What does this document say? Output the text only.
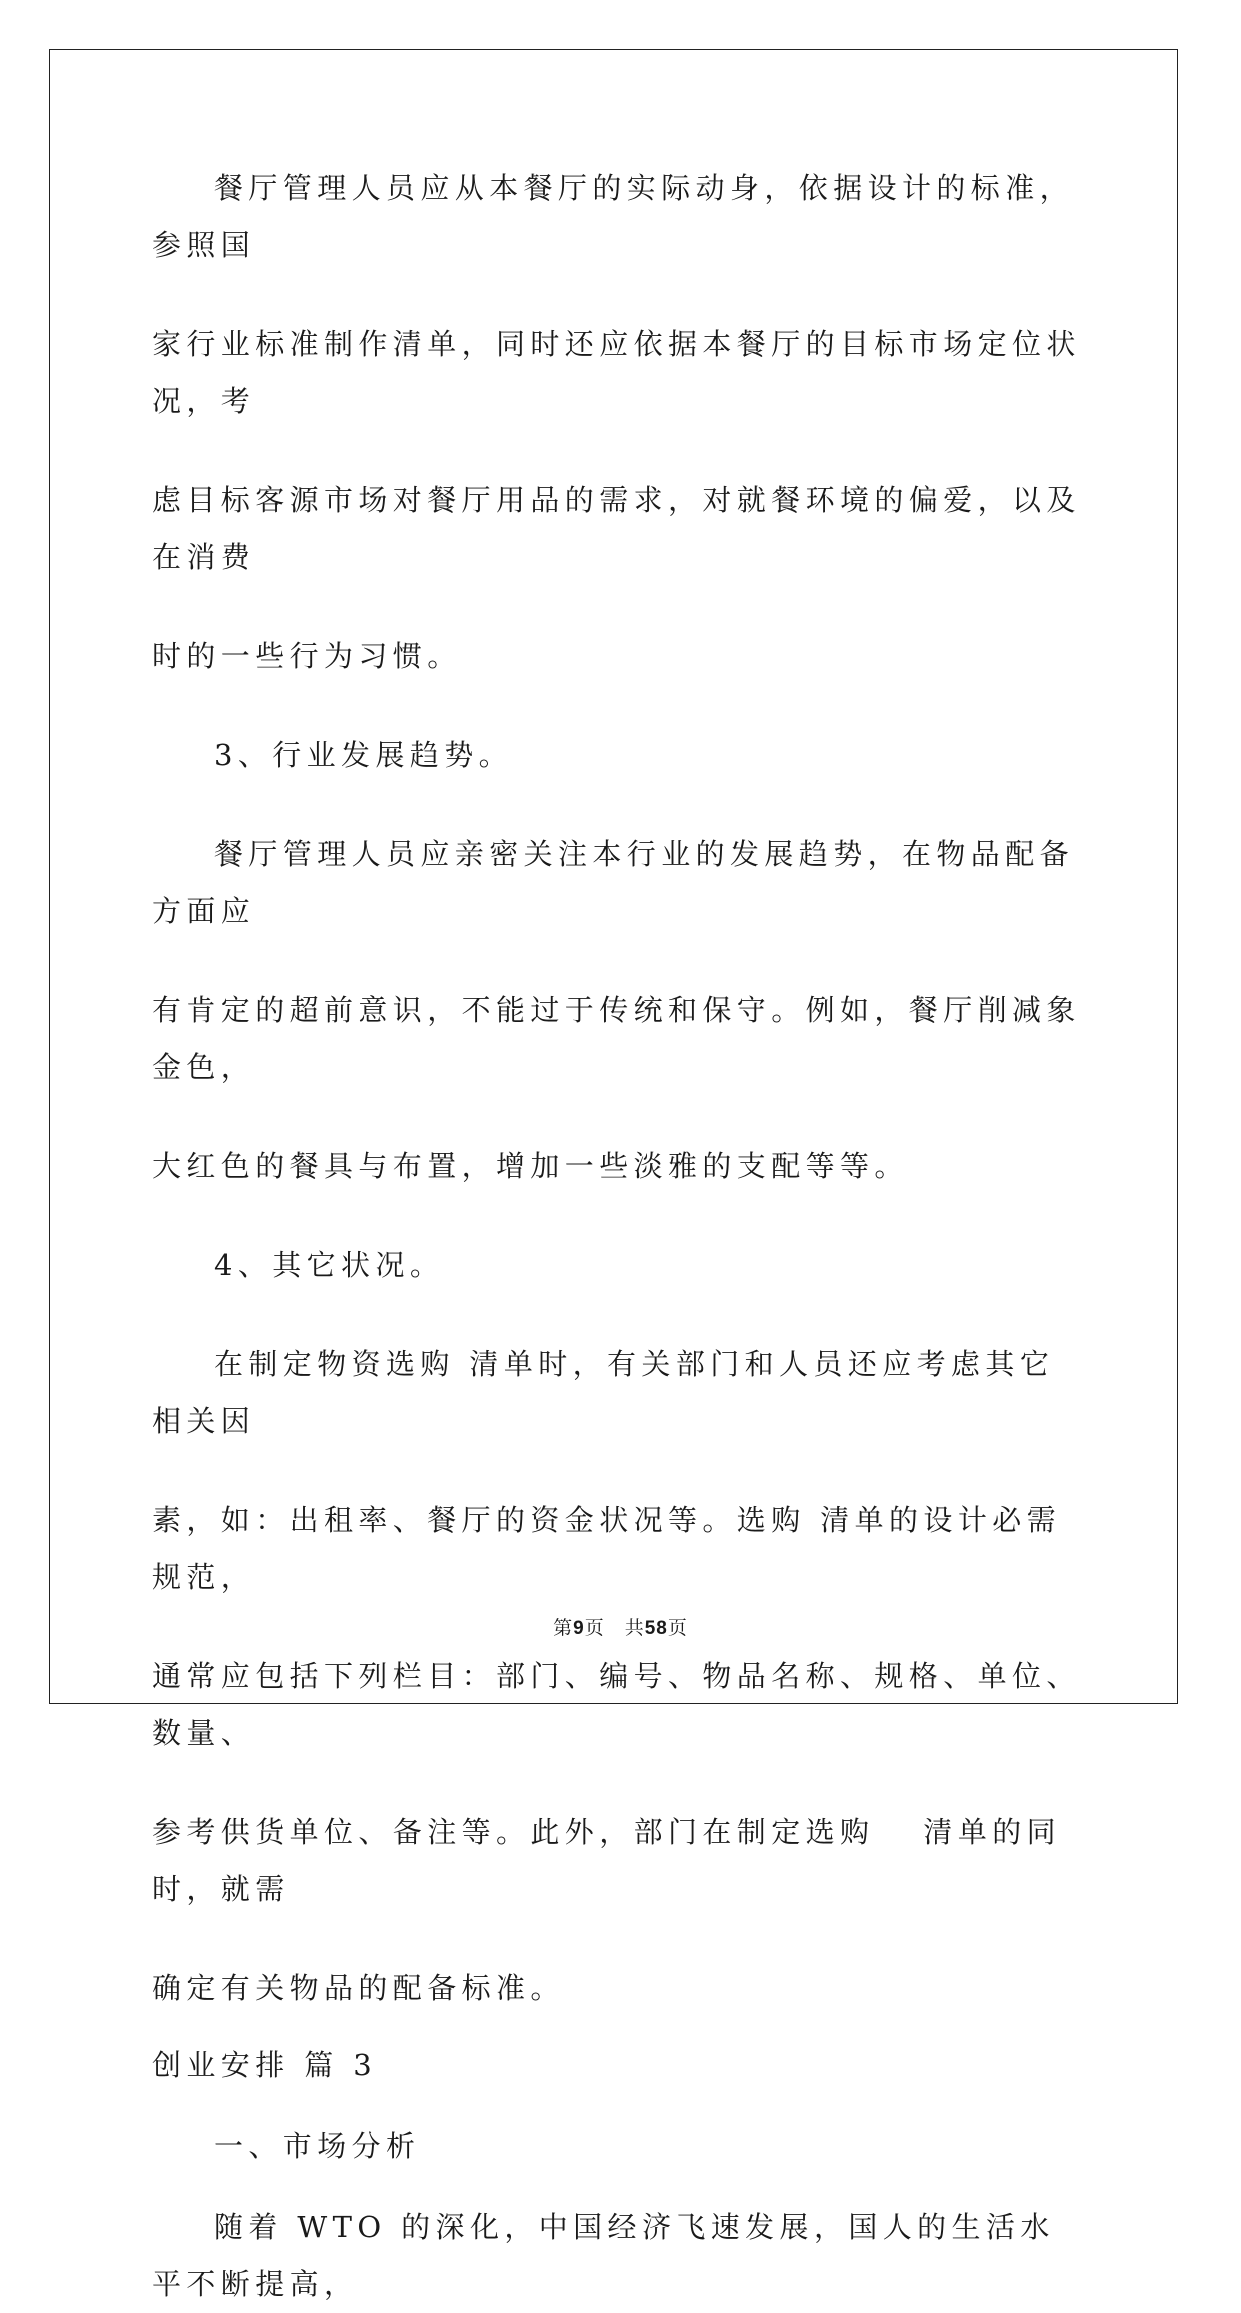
餐厅管理人员应从本餐厅的实际动身，依据设计的标准，参照国

家行业标准制作清单，同时还应依据本餐厅的目标市场定位状况，考

虑目标客源市场对餐厅用品的需求，对就餐环境的偏爱，以及在消费

时的一些行为习惯。

3、行业发展趋势。

餐厅管理人员应亲密关注本行业的发展趋势，在物品配备方面应

有肯定的超前意识，不能过于传统和保守。例如，餐厅削减象金色，

大红色的餐具与布置，增加一些淡雅的支配等等。

4、其它状况。

在制定物资选购 清单时，有关部门和人员还应考虑其它相关因

素，如：出租率、餐厅的资金状况等。选购 清单的设计必需规范，

通常应包括下列栏目：部门、编号、物品名称、规格、单位、数量、

参考供货单位、备注等。此外，部门在制定选购 　清单的同时，就需

确定有关物品的配备标准。

创业安排 篇 3

一、市场分析

随着 WTO 的深化，中国经济飞速发展，国人的生活水平不断提高，

第9页　共58页
